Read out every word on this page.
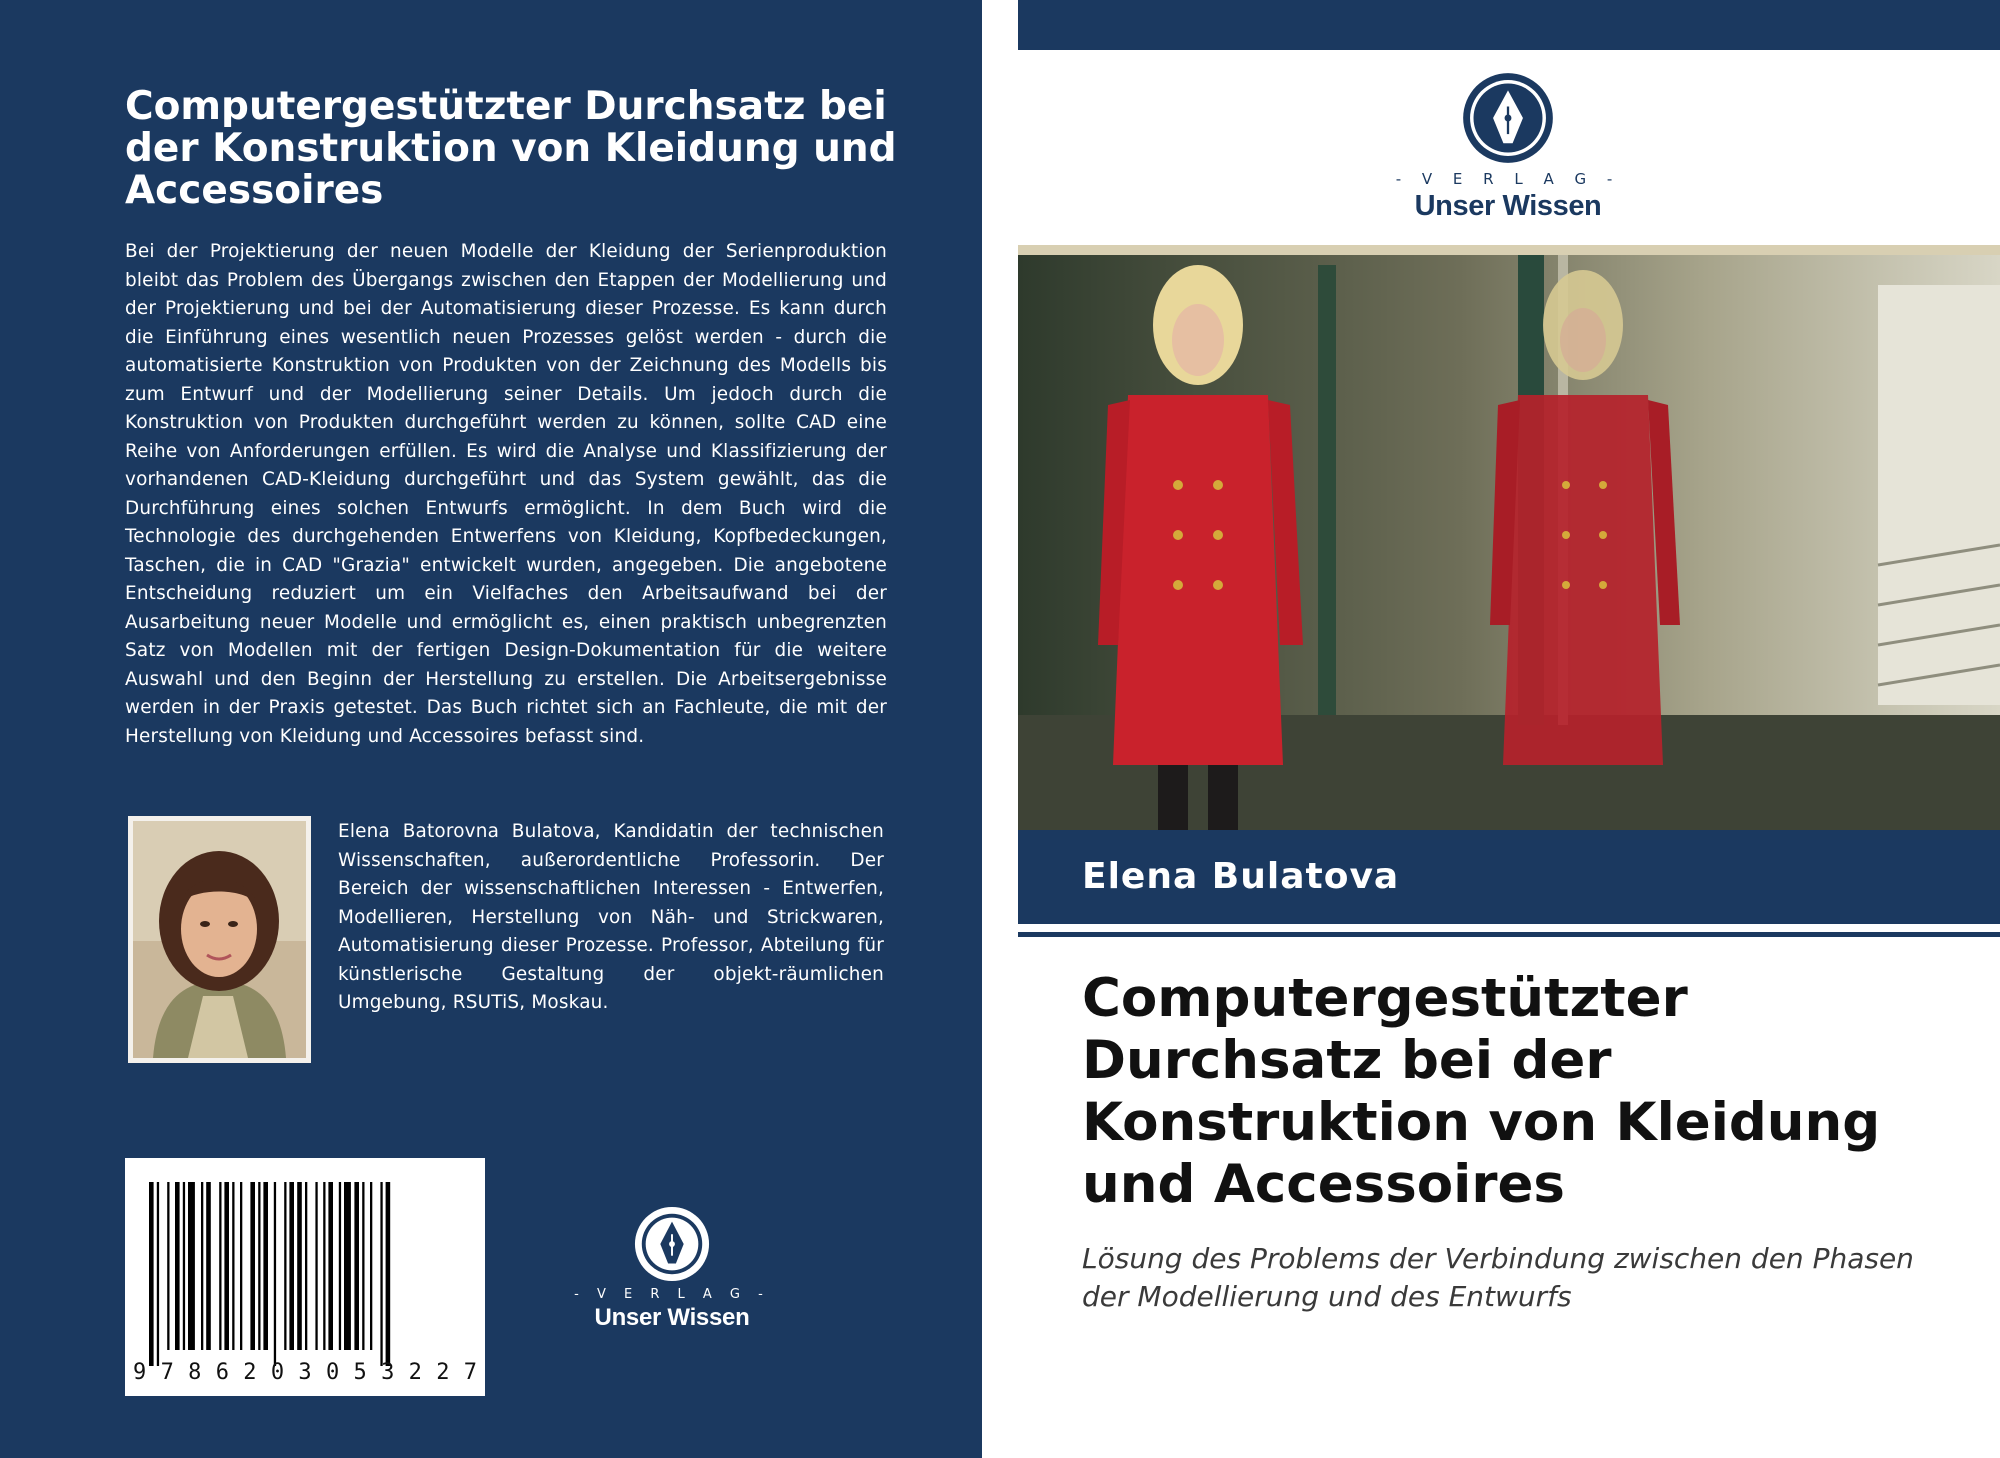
Computergestützter Durchsatz bei der Konstruktion von Kleidung und Accessoires

Bei der Projektierung der neuen Modelle der Kleidung der Serienproduktion bleibt das Problem des Übergangs zwischen den Etappen der Modellierung und der Projektierung und bei der Automatisierung dieser Prozesse. Es kann durch die Einführung eines wesentlich neuen Prozesses gelöst werden - durch die automatisierte Konstruktion von Produkten von der Zeichnung des Modells bis zum Entwurf und der Modellierung seiner Details. Um jedoch durch die Konstruktion von Produkten durchgeführt werden zu können, sollte CAD eine Reihe von Anforderungen erfüllen. Es wird die Analyse und Klassifizierung der vorhandenen CAD-Kleidung durchgeführt und das System gewählt, das die Durchführung eines solchen Entwurfs ermöglicht. In dem Buch wird die Technologie des durchgehenden Entwerfens von Kleidung, Kopfbedeckungen, Taschen, die in CAD "Grazia" entwickelt wurden, angegeben. Die angebotene Entscheidung reduziert um ein Vielfaches den Arbeitsaufwand bei der Ausarbeitung neuer Modelle und ermöglicht es, einen praktisch unbegrenzten Satz von Modellen mit der fertigen Design-Dokumentation für die weitere Auswahl und den Beginn der Herstellung zu erstellen. Die Arbeitsergebnisse werden in der Praxis getestet. Das Buch richtet sich an Fachleute, die mit der Herstellung von Kleidung und Accessoires befasst sind.

Elena Batorovna Bulatova, Kandidatin der technischen Wissenschaften, außerordentliche Professorin. Der Bereich der wissenschaftlichen Interessen - Entwerfen, Modellieren, Herstellung von Näh- und Strickwaren, Automatisierung dieser Prozesse. Professor, Abteilung für künstlerische Gestaltung der objekt-räumlichen Umgebung, RSUTiS, Moskau.

9 7 8 6 2 0 3 0 5 3 2 2 7
- V E R L A G -
Unser Wissen
- V E R L A G -
Unser Wissen
Elena Bulatova
Computergestützter Durchsatz bei der Konstruktion von Kleidung und Accessoires

Lösung des Problems der Verbindung zwischen den Phasen der Modellierung und des Entwurfs
